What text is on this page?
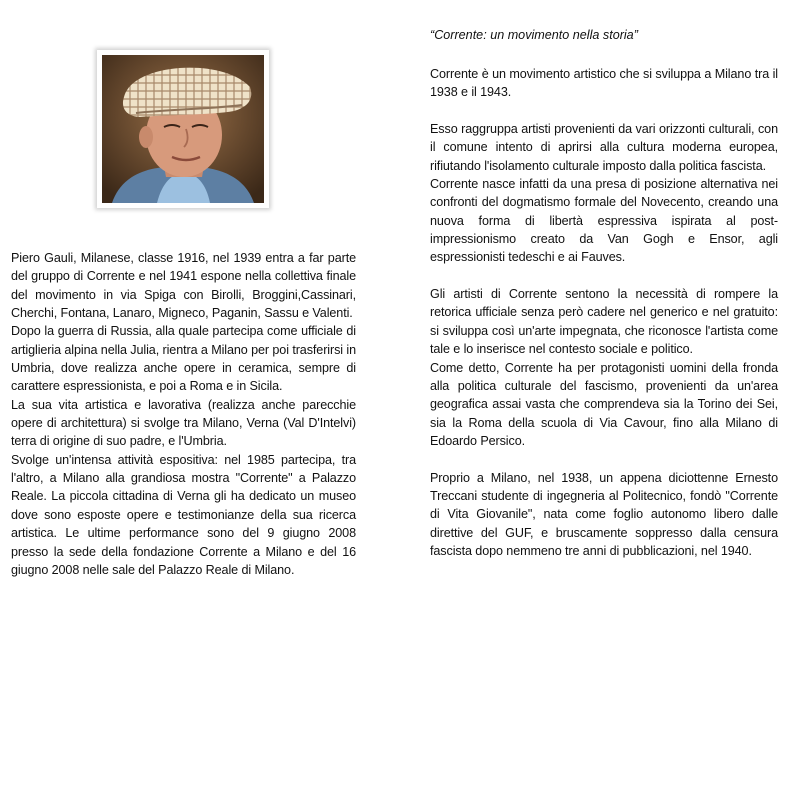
Piero Gauli, Milanese, classe 1916, nel 1939 entra a far parte del gruppo di Corrente e nel 1941 espone nella collettiva finale del movimento in via Spiga con Birolli, Broggini,Cassinari, Cherchi, Fontana, Lanaro, Migneco, Paganin, Sassu e Valenti.

Dopo la guerra di Russia, alla quale partecipa come ufficiale di artiglieria alpina nella Julia, rientra a Milano per poi trasferirsi in Umbria, dove realizza anche opere in ceramica, sempre di carattere espressionista, e poi a Roma e in Sicila.

La sua vita artistica e lavorativa (realizza anche parecchie opere di architettura) si svolge tra Milano, Verna (Val D'Intelvi) terra di origine di suo padre, e l'Umbria.

Svolge un'intensa attività espositiva: nel 1985 partecipa, tra l'altro, a Milano alla grandiosa mostra "Corrente" a Palazzo Reale. La piccola cittadina di Verna gli ha dedicato un museo dove sono esposte opere e testimonianze della sua ricerca artistica. Le ultime performance sono del 9 giugno 2008 presso la sede della fondazione Corrente a Milano e del 16 giugno 2008 nelle sale del Palazzo Reale di Milano.

“Corrente: un movimento nella storia”

Corrente è un movimento artistico che si sviluppa a Milano tra il 1938 e il 1943.

Esso raggruppa artisti provenienti da vari orizzonti culturali, con il comune intento di aprirsi alla cultura moderna europea, rifiutando l'isolamento culturale imposto dalla politica fascista.

Corrente nasce infatti da una presa di posizione alternativa nei confronti del dogmatismo formale del Novecento, creando una nuova forma di libertà espressiva ispirata al post-impressionismo creato da Van Gogh e Ensor, agli espressionisti tedeschi e ai Fauves.

Gli artisti di Corrente sentono la necessità di rompere la retorica ufficiale senza però cadere nel generico e nel gratuito: si sviluppa così un'arte impegnata, che riconosce l'artista come tale e lo inserisce nel contesto sociale e politico.

Come detto, Corrente ha per protagonisti uomini della fronda alla politica culturale del fascismo, provenienti da un'area geografica assai vasta che comprendeva sia la Torino dei Sei, sia la Roma della scuola di Via Cavour, fino alla Milano di Edoardo Persico.

Proprio a Milano, nel 1938, un appena diciottenne Ernesto Treccani studente di ingegneria al Politecnico, fondò "Corrente di Vita Giovanile", nata come foglio autonomo libero dalle direttive del GUF, e bruscamente soppresso dalla censura fascista dopo nemmeno tre anni di pubblicazioni, nel 1940.
